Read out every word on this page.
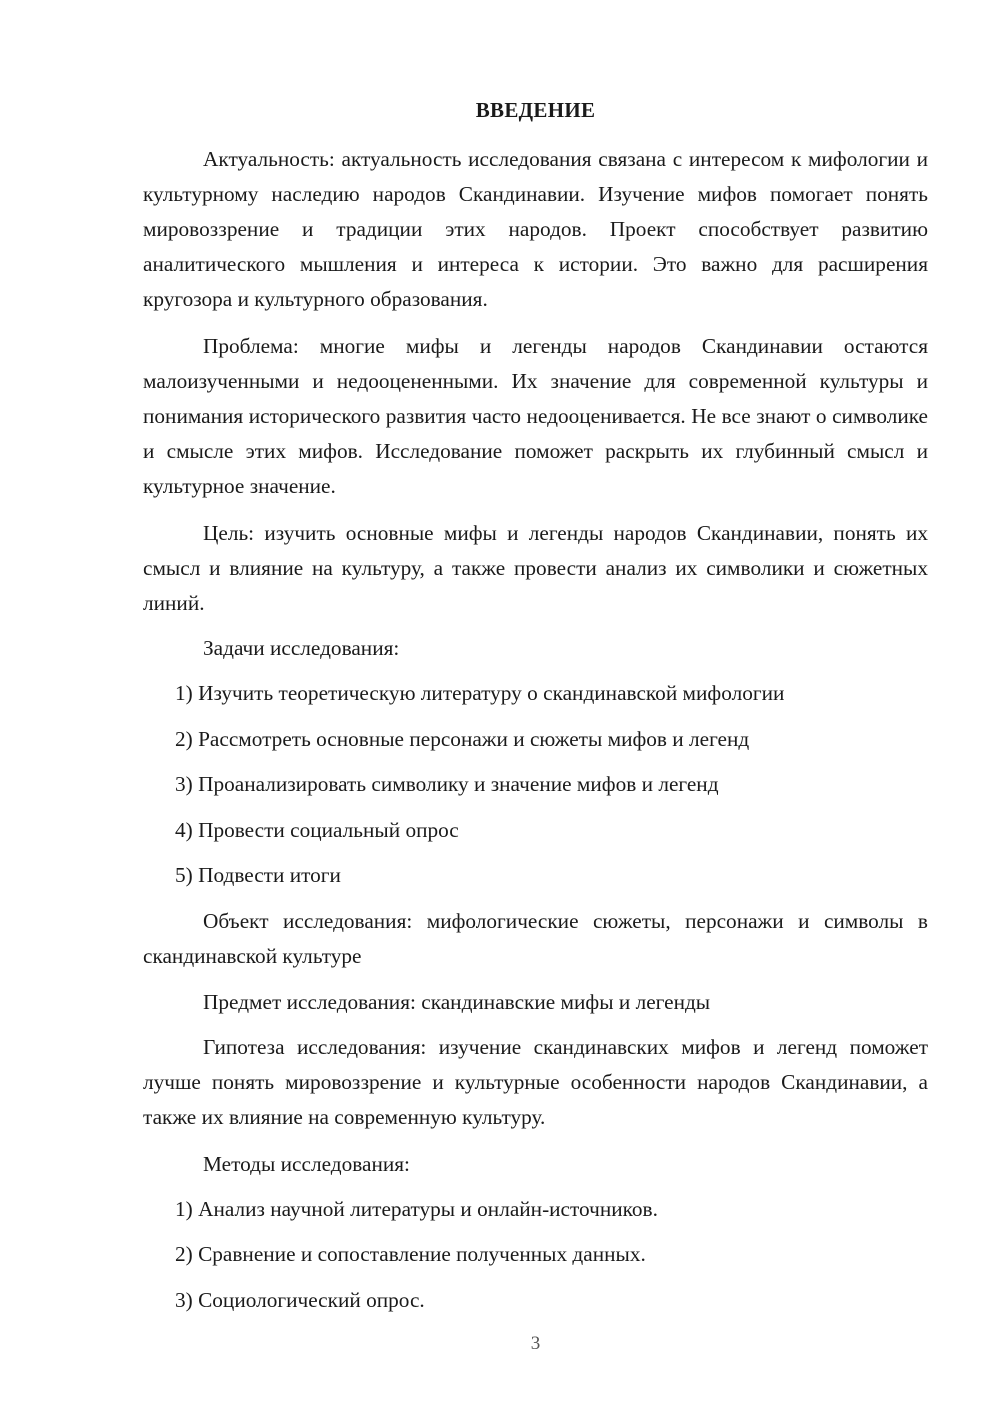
ВВЕДЕНИЕ

Актуальность: актуальность исследования связана с интересом к мифологии и культурному наследию народов Скандинавии. Изучение мифов помогает понять мировоззрение и традиции этих народов. Проект способствует развитию аналитического мышления и интереса к истории. Это важно для расширения кругозора и культурного образования.

Проблема: многие мифы и легенды народов Скандинавии остаются малоизученными и недооцененными. Их значение для современной культуры и понимания исторического развития часто недооценивается. Не все знают о символике и смысле этих мифов. Исследование поможет раскрыть их глубинный смысл и культурное значение.

Цель: изучить основные мифы и легенды народов Скандинавии, понять их смысл и влияние на культуру, а также провести анализ их символики и сюжетных линий.

Задачи исследования:

1) Изучить теоретическую литературу о скандинавской мифологии

2) Рассмотреть основные персонажи и сюжеты мифов и легенд

3) Проанализировать символику и значение мифов и легенд

4) Провести социальный опрос

5) Подвести итоги

Объект исследования: мифологические сюжеты, персонажи и символы в скандинавской культуре

Предмет исследования: скандинавские мифы и легенды

Гипотеза исследования: изучение скандинавских мифов и легенд поможет лучше понять мировоззрение и культурные особенности народов Скандинавии, а также их влияние на современную культуру.

Методы исследования:

1) Анализ научной литературы и онлайн-источников.

2) Сравнение и сопоставление полученных данных.

3) Социологический опрос.

3
